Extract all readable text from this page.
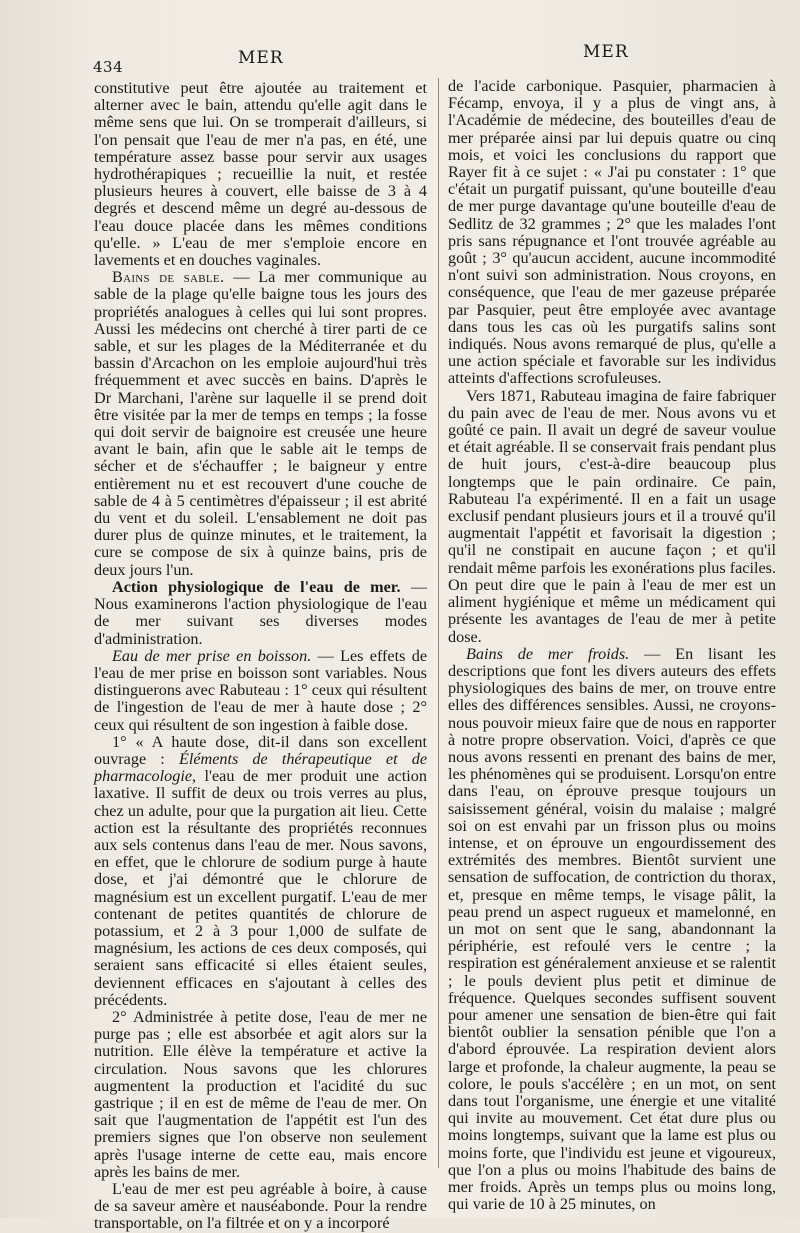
434	MER	MER

constitutive peut être ajoutée au traitement et alterner avec le bain, attendu qu'elle agit dans le même sens que lui. On se tromperait d'ailleurs, si l'on pensait que l'eau de mer n'a pas, en été, une température assez basse pour servir aux usages hydrothérapiques ; recueillie la nuit, et restée plusieurs heures à couvert, elle baisse de 3 à 4 degrés et descend même un degré au-dessous de l'eau douce placée dans les mêmes conditions qu'elle. » L'eau de mer s'emploie encore en lavements et en douches vaginales.

Bains de sable. — La mer communique au sable de la plage qu'elle baigne tous les jours des propriétés analogues à celles qui lui sont propres. Aussi les médecins ont cherché à tirer parti de ce sable, et sur les plages de la Méditerranée et du bassin d'Arcachon on les emploie aujourd'hui très fréquemment et avec succès en bains. D'après le Dr Marchani, l'arène sur laquelle il se prend doit être visitée par la mer de temps en temps ; la fosse qui doit servir de baignoire est creusée une heure avant le bain, afin que le sable ait le temps de sécher et de s'échauffer ; le baigneur y entre entièrement nu et est recouvert d'une couche de sable de 4 à 5 centimètres d'épaisseur ; il est abrité du vent et du soleil. L'ensablement ne doit pas durer plus de quinze minutes, et le traitement, la cure se compose de six à quinze bains, pris de deux jours l'un.

Action physiologique de l'eau de mer. — Nous examinerons l'action physiologique de l'eau de mer suivant ses diverses modes d'administration.

Eau de mer prise en boisson. — Les effets de l'eau de mer prise en boisson sont variables. Nous distinguerons avec Rabuteau : 1° ceux qui résultent de l'ingestion de l'eau de mer à haute dose ; 2° ceux qui résultent de son ingestion à faible dose.

1° « A haute dose, dit-il dans son excellent ouvrage : Éléments de thérapeutique et de pharmacologie, l'eau de mer produit une action laxative. Il suffit de deux ou trois verres au plus, chez un adulte, pour que la purgation ait lieu. Cette action est la résultante des propriétés reconnues aux sels contenus dans l'eau de mer. Nous savons, en effet, que le chlorure de sodium purge à haute dose, et j'ai démontré que le chlorure de magnésium est un excellent purgatif. L'eau de mer contenant de petites quantités de chlorure de potassium, et 2 à 3 pour 1,000 de sulfate de magnésium, les actions de ces deux composés, qui seraient sans efficacité si elles étaient seules, deviennent efficaces en s'ajoutant à celles des précédents.

2° Administrée à petite dose, l'eau de mer ne purge pas ; elle est absorbée et agit alors sur la nutrition. Elle élève la température et active la circulation. Nous savons que les chlorures augmentent la production et l'acidité du suc gastrique ; il en est de même de l'eau de mer. On sait que l'augmentation de l'appétit est l'un des premiers signes que l'on observe non seulement après l'usage interne de cette eau, mais encore après les bains de mer.

L'eau de mer est peu agréable à boire, à cause de sa saveur amère et nauséabonde. Pour la rendre transportable, on l'a filtrée et on y a incorporé

de l'acide carbonique. Pasquier, pharmacien à Fécamp, envoya, il y a plus de vingt ans, à l'Académie de médecine, des bouteilles d'eau de mer préparée ainsi par lui depuis quatre ou cinq mois, et voici les conclusions du rapport que Rayer fit à ce sujet : « J'ai pu constater : 1° que c'était un purgatif puissant, qu'une bouteille d'eau de mer purge davantage qu'une bouteille d'eau de Sedlitz de 32 grammes ; 2° que les malades l'ont pris sans répugnance et l'ont trouvée agréable au goût ; 3° qu'aucun accident, aucune incommodité n'ont suivi son administration. Nous croyons, en conséquence, que l'eau de mer gazeuse préparée par Pasquier, peut être employée avec avantage dans tous les cas où les purgatifs salins sont indiqués. Nous avons remarqué de plus, qu'elle a une action spéciale et favorable sur les individus atteints d'affections scrofuleuses.

Vers 1871, Rabuteau imagina de faire fabriquer du pain avec de l'eau de mer. Nous avons vu et goûté ce pain. Il avait un degré de saveur voulue et était agréable. Il se conservait frais pendant plus de huit jours, c'est-à-dire beaucoup plus longtemps que le pain ordinaire. Ce pain, Rabuteau l'a expérimenté. Il en a fait un usage exclusif pendant plusieurs jours et il a trouvé qu'il augmentait l'appétit et favorisait la digestion ; qu'il ne constipait en aucune façon ; et qu'il rendait même parfois les exonérations plus faciles. On peut dire que le pain à l'eau de mer est un aliment hygiénique et même un médicament qui présente les avantages de l'eau de mer à petite dose.

Bains de mer froids. — En lisant les descriptions que font les divers auteurs des effets physiologiques des bains de mer, on trouve entre elles des différences sensibles. Aussi, ne croyons-nous pouvoir mieux faire que de nous en rapporter à notre propre observation. Voici, d'après ce que nous avons ressenti en prenant des bains de mer, les phénomènes qui se produisent. Lorsqu'on entre dans l'eau, on éprouve presque toujours un saisissement général, voisin du malaise ; malgré soi on est envahi par un frisson plus ou moins intense, et on éprouve un engourdissement des extrémités des membres. Bientôt survient une sensation de suffocation, de contriction du thorax, et, presque en même temps, le visage pâlit, la peau prend un aspect rugueux et mamelonné, en un mot on sent que le sang, abandonnant la périphérie, est refoulé vers le centre ; la respiration est généralement anxieuse et se ralentit ; le pouls devient plus petit et diminue de fréquence. Quelques secondes suffisent souvent pour amener une sensation de bien-être qui fait bientôt oublier la sensation pénible que l'on a d'abord éprouvée. La respiration devient alors large et profonde, la chaleur augmente, la peau se colore, le pouls s'accélère ; en un mot, on sent dans tout l'organisme, une énergie et une vitalité qui invite au mouvement. Cet état dure plus ou moins longtemps, suivant que la lame est plus ou moins forte, que l'individu est jeune et vigoureux, que l'on a plus ou moins l'habitude des bains de mer froids. Après un temps plus ou moins long, qui varie de 10 à 25 minutes, on
